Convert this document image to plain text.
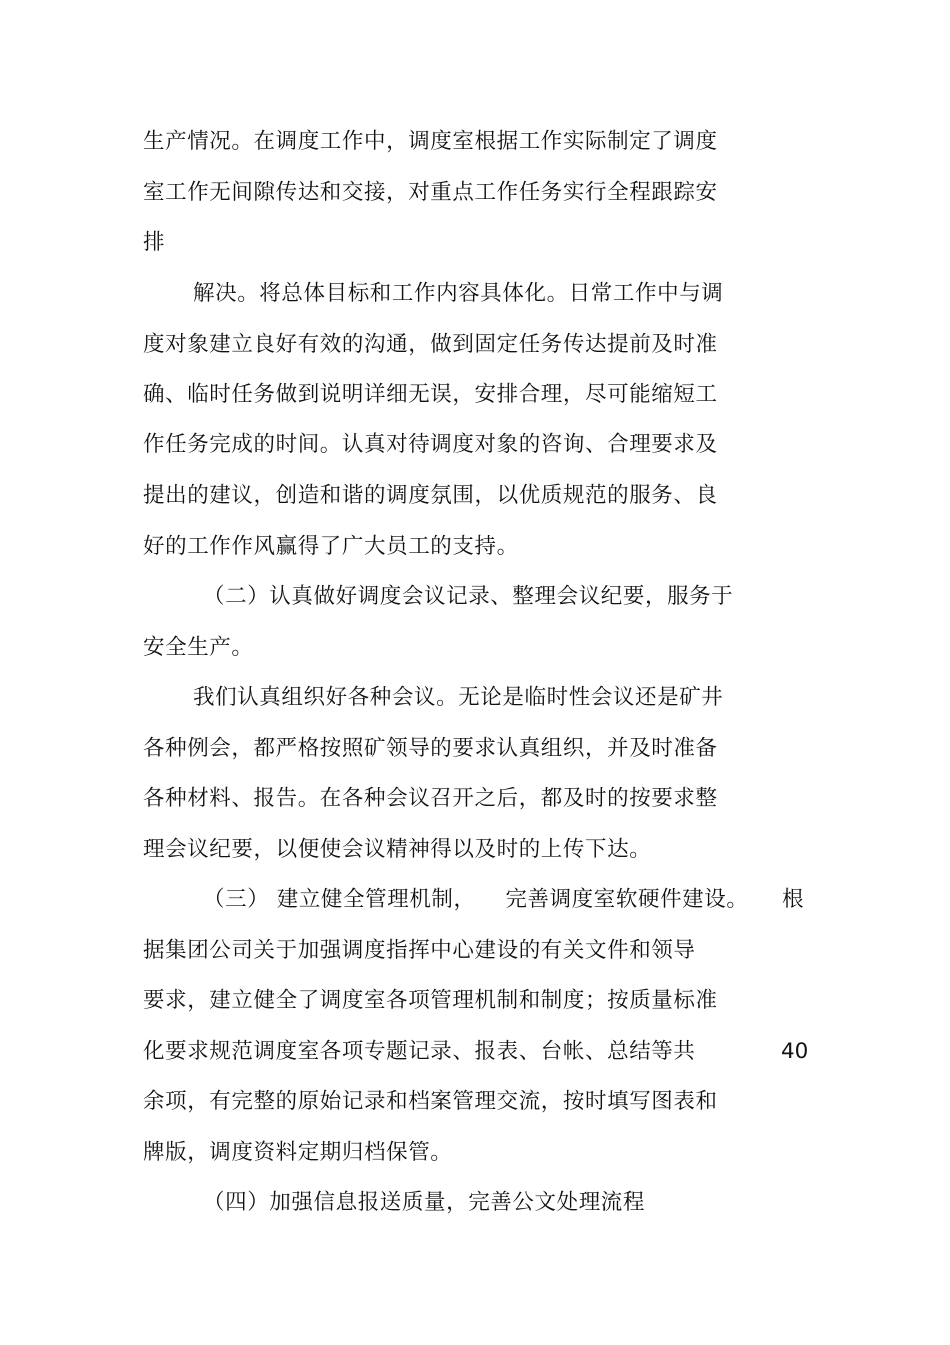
生产情况。在调度工作中，调度室根据工作实际制定了调度
室工作无间隙传达和交接，对重点工作任务实行全程跟踪安
排
解决。将总体目标和工作内容具体化。日常工作中与调
度对象建立良好有效的沟通，做到固定任务传达提前及时准
确、临时任务做到说明详细无误，安排合理，尽可能缩短工
作任务完成的时间。认真对待调度对象的咨询、合理要求及
提出的建议，创造和谐的调度氛围，以优质规范的服务、良
好的工作作风赢得了广大员工的支持。
（二）认真做好调度会议记录、整理会议纪要，服务于
安全生产。
我们认真组织好各种会议。无论是临时性会议还是矿井
各种例会，都严格按照矿领导的要求认真组织，并及时准备
各种材料、报告。在各种会议召开之后，都及时的按要求整
理会议纪要，以便使会议精神得以及时的上传下达。
（三） 建立健全管理机制，    完善调度室软硬件建设。 根
据集团公司关于加强调度指挥中心建设的有关文件和领导
要求，建立健全了调度室各项管理机制和制度；按质量标准
化要求规范调度室各项专题记录、报表、台帐、总结等共	40
余项，有完整的原始记录和档案管理交流，按时填写图表和
牌版，调度资料定期归档保管。
（四）加强信息报送质量，完善公文处理流程
